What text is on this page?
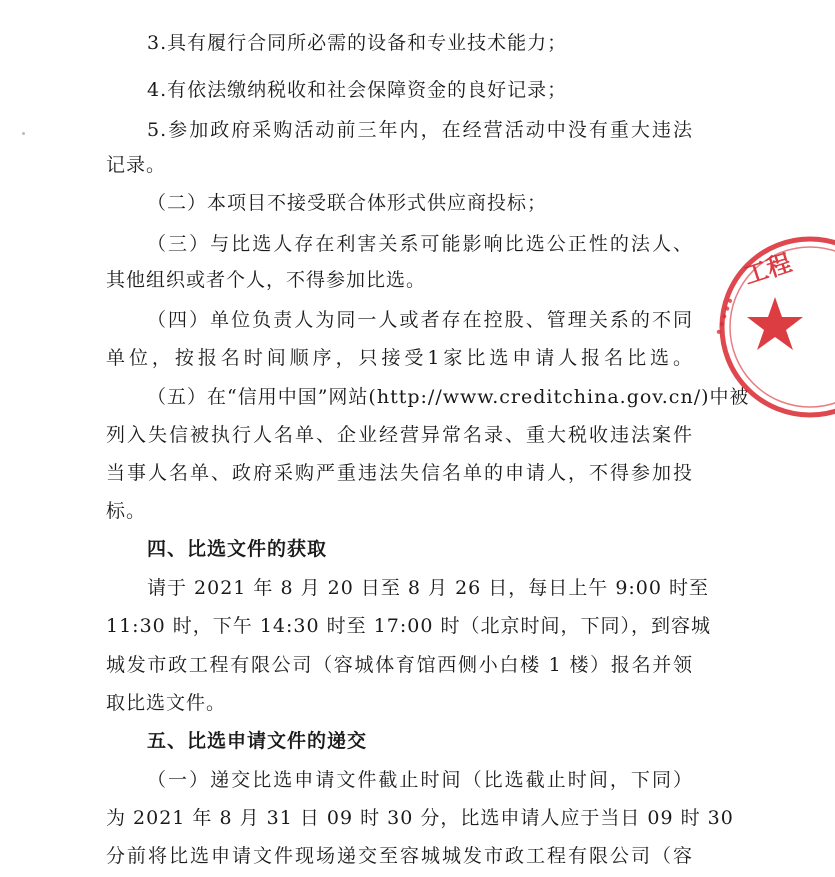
3.具有履行合同所必需的设备和专业技术能力；
4.有依法缴纳税收和社会保障资金的良好记录；
5.参加政府采购活动前三年内，在经营活动中没有重大违法
记录。
（二）本项目不接受联合体形式供应商投标；
（三）与比选人存在利害关系可能影响比选公正性的法人、
其他组织或者个人，不得参加比选。
（四）单位负责人为同一人或者存在控股、管理关系的不同
单位，按报名时间顺序，只接受1家比选申请人报名比选。
（五）在“信用中国”网站(http://www.creditchina.gov.cn/)中被
列入失信被执行人名单、企业经营异常名录、重大税收违法案件
当事人名单、政府采购严重违法失信名单的申请人，不得参加投
标。
四、比选文件的获取
请于 2021 年 8 月 20 日至 8 月 26 日，每日上午 9:00 时至
11:30 时，下午 14:30 时至 17:00 时（北京时间，下同），到容城
城发市政工程有限公司（容城体育馆西侧小白楼 1 楼）报名并领
取比选文件。
五、比选申请文件的递交
（一）递交比选申请文件截止时间（比选截止时间，下同）
为 2021 年 8 月 31 日 09 时 30 分，比选申请人应于当日 09 时 30
分前将比选申请文件现场递交至容城城发市政工程有限公司（容
工程
•••••
